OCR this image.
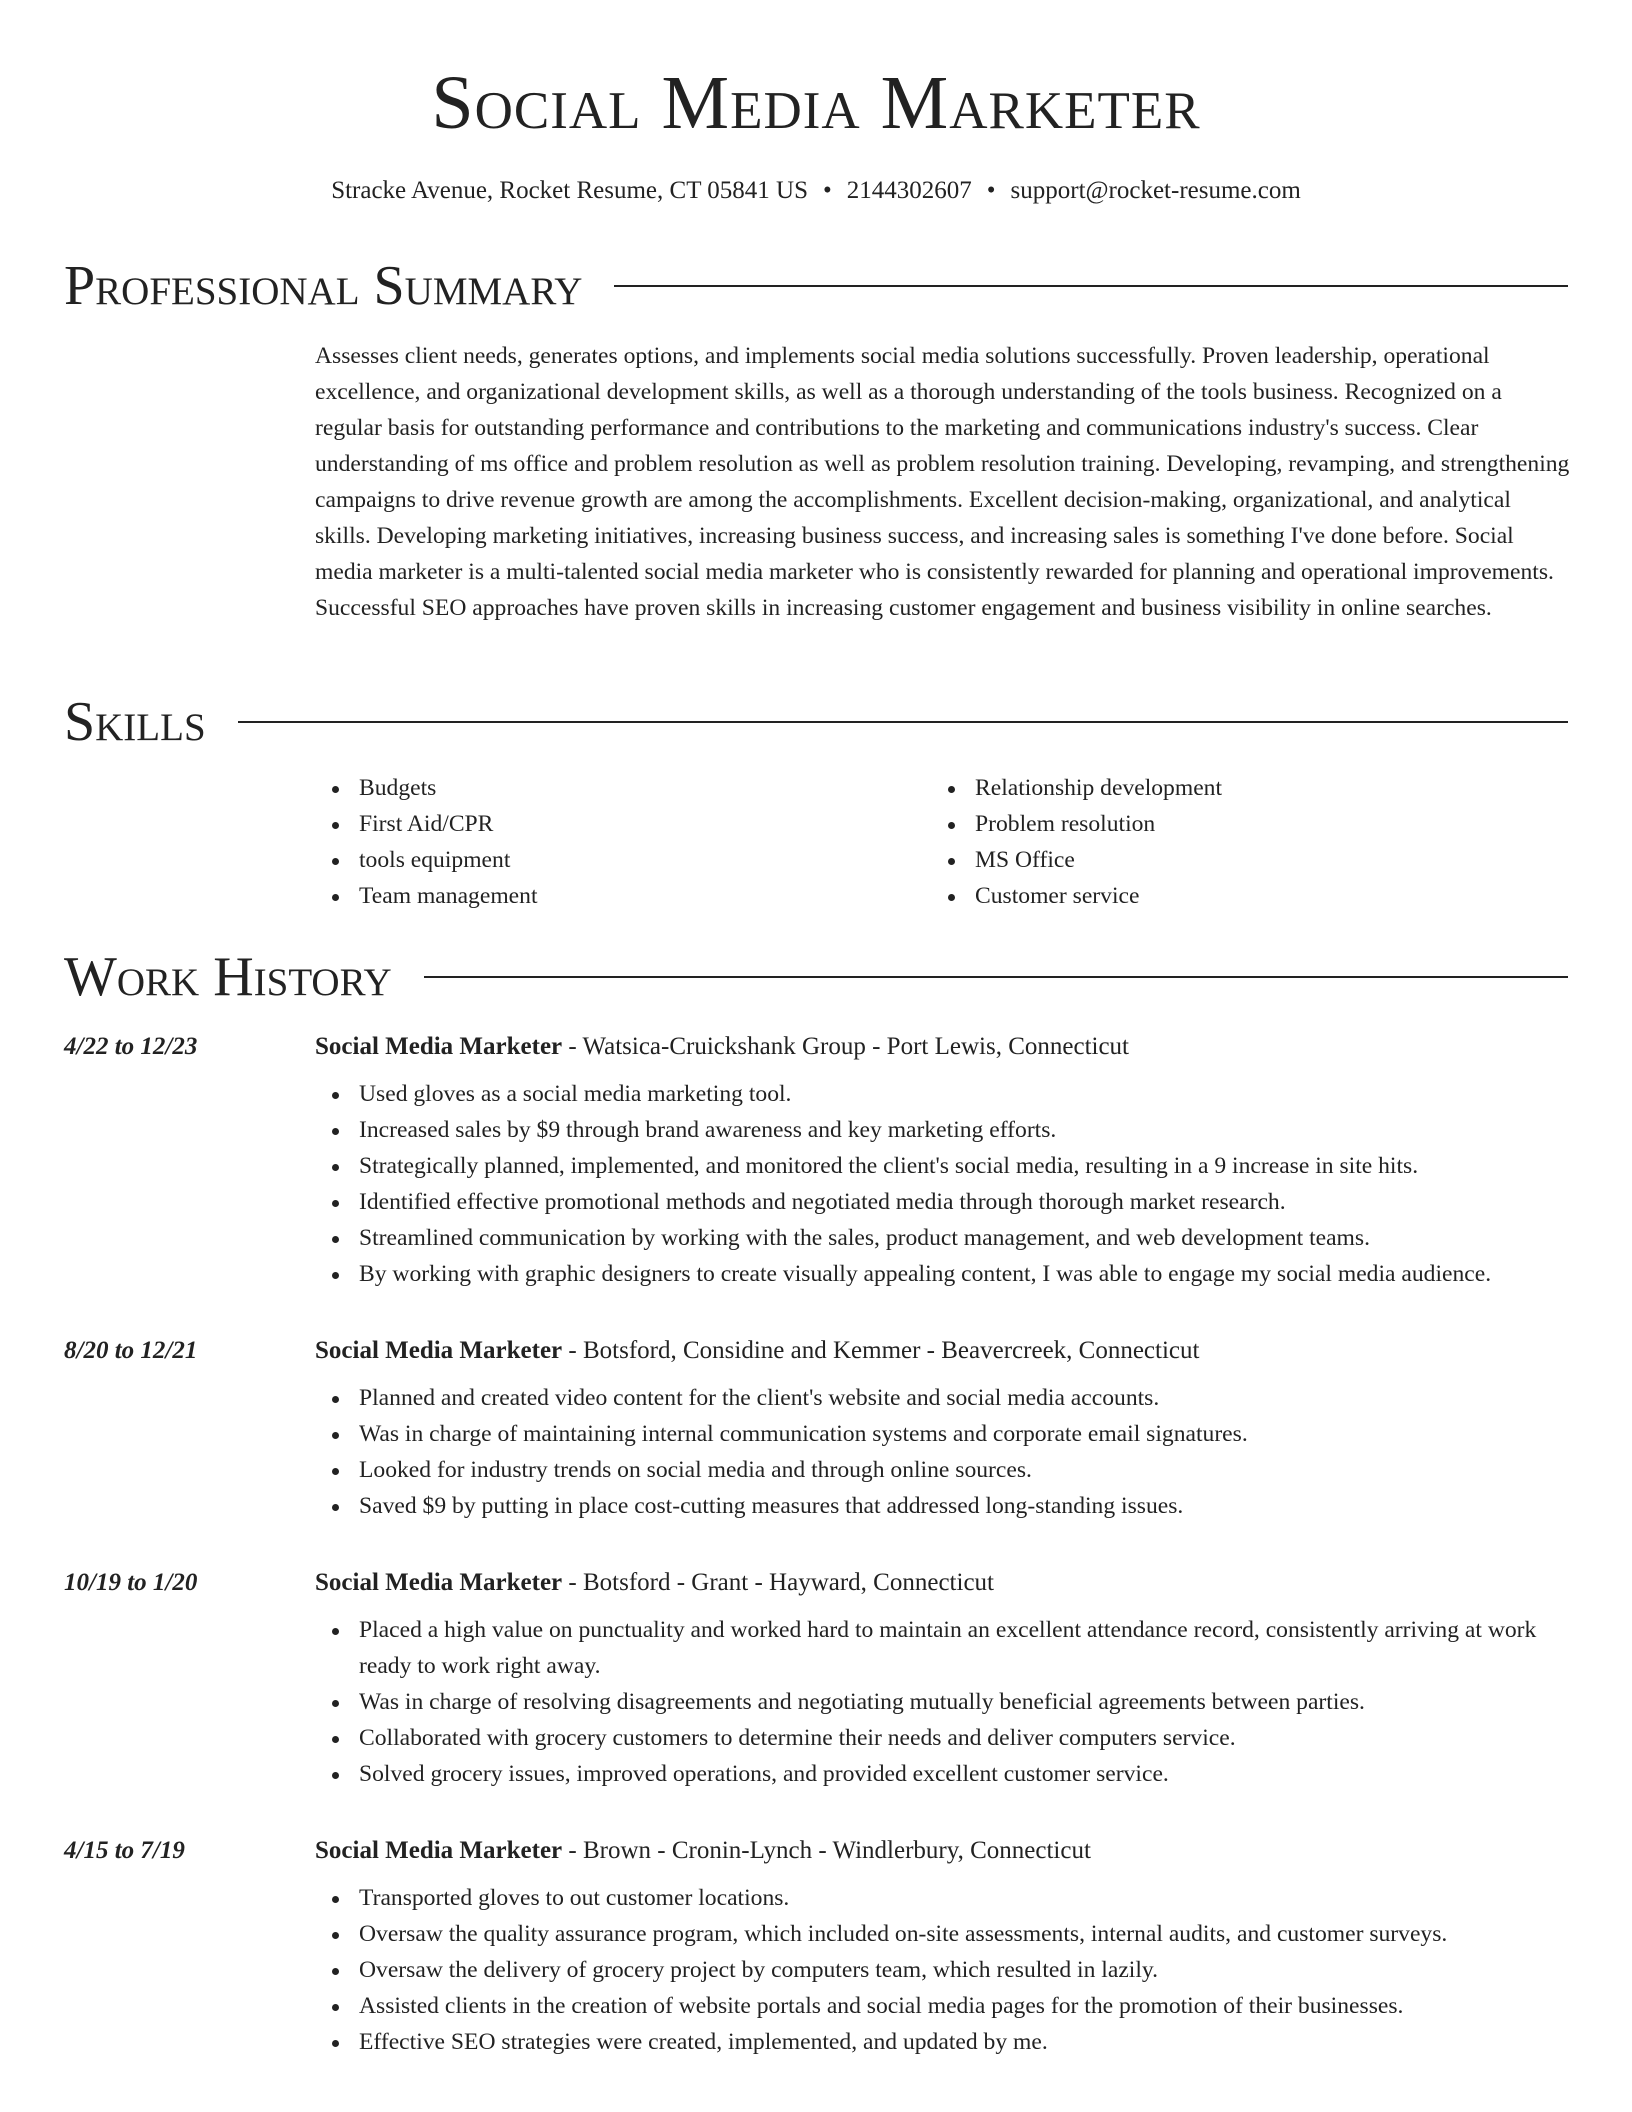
Social Media Marketer
Stracke Avenue, Rocket Resume, CT 05841 US • 2144302607 • support@rocket-resume.com
Professional Summary

Assesses client needs, generates options, and implements social media solutions successfully. Proven leadership, operational excellence, and organizational development skills, as well as a thorough understanding of the tools business. Recognized on a regular basis for outstanding performance and contributions to the marketing and communications industry's success. Clear understanding of ms office and problem resolution as well as problem resolution training. Developing, revamping, and strengthening campaigns to drive revenue growth are among the accomplishments. Excellent decision-making, organizational, and analytical skills. Developing marketing initiatives, increasing business success, and increasing sales is something I've done before. Social media marketer is a multi-talented social media marketer who is consistently rewarded for planning and operational improvements. Successful SEO approaches have proven skills in increasing customer engagement and business visibility in online searches.

Skills
Budgets
First Aid/CPR
tools equipment
Team management
Relationship development
Problem resolution
MS Office
Customer service
Work History
4/22 to 12/23	Social Media Marketer - Watsica-Cruickshank Group - Port Lewis, Connecticut
Used gloves as a social media marketing tool.
Increased sales by $9 through brand awareness and key marketing efforts.
Strategically planned, implemented, and monitored the client's social media, resulting in a 9 increase in site hits.
Identified effective promotional methods and negotiated media through thorough market research.
Streamlined communication by working with the sales, product management, and web development teams.
By working with graphic designers to create visually appealing content, I was able to engage my social media audience.
8/20 to 12/21	Social Media Marketer - Botsford, Considine and Kemmer - Beavercreek, Connecticut
Planned and created video content for the client's website and social media accounts.
Was in charge of maintaining internal communication systems and corporate email signatures.
Looked for industry trends on social media and through online sources.
Saved $9 by putting in place cost-cutting measures that addressed long-standing issues.
10/19 to 1/20	Social Media Marketer - Botsford - Grant - Hayward, Connecticut
Placed a high value on punctuality and worked hard to maintain an excellent attendance record, consistently arriving at work ready to work right away.
Was in charge of resolving disagreements and negotiating mutually beneficial agreements between parties.
Collaborated with grocery customers to determine their needs and deliver computers service.
Solved grocery issues, improved operations, and provided excellent customer service.
4/15 to 7/19	Social Media Marketer - Brown - Cronin-Lynch - Windlerbury, Connecticut
Transported gloves to out customer locations.
Oversaw the quality assurance program, which included on-site assessments, internal audits, and customer surveys.
Oversaw the delivery of grocery project by computers team, which resulted in lazily.
Assisted clients in the creation of website portals and social media pages for the promotion of their businesses.
Effective SEO strategies were created, implemented, and updated by me.
